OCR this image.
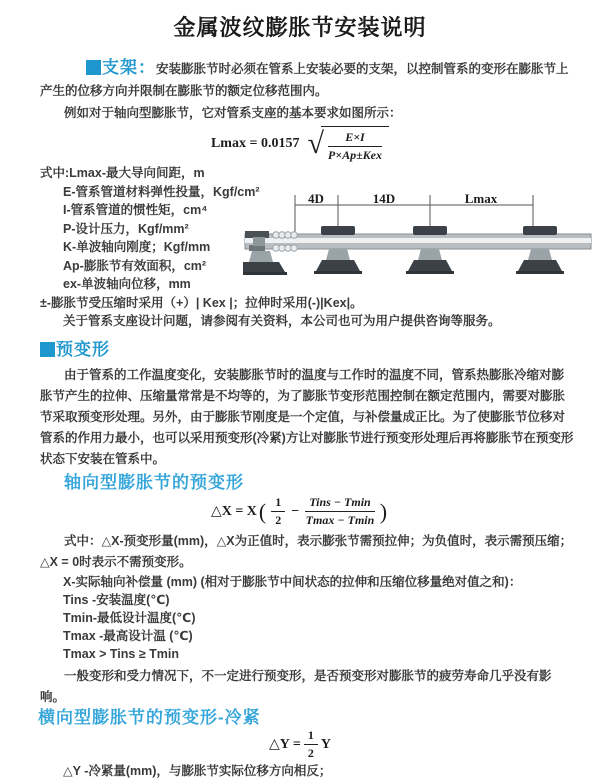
金属波纹膨胀节安装说明

支架：安装膨胀节时必须在管系上安装必要的支架，以控制管系的变形在膨胀节上产生的位移方向并限制在膨胀节的额定位移范围内。

例如对于轴向型膨胀节，它对管系支座的基本要求如图所示：

Lmax = 0.0157 √ $\frac{E\times I}{\text{P×Ap±Kex}}$
式中:Lmax-最大导向间距，m
E-管系管道材料弹性投量，Kgf/cm²
I-管系管道的惯性矩，cm⁴
P-设计压力，Kgf/mm²
K-单波轴向刚度；Kgf/mm
Ap-膨胀节有效面积，cm²
ex-单波轴向位移，mm
±-膨胀节受压缩时采用（+）| Kex |；拉伸时采用(-)|Kex|。
关于管系支座设计问题，请参阅有关资料，本公司也可为用户提供咨询等服务。
4D	14D	Lmax
预变形

由于管系的工作温度变化，安装膨胀节时的温度与工作时的温度不同，管系热膨胀冷缩对膨胀节产生的拉伸、压缩量常常是不均等的，为了膨胀节变形范围控制在额定范围内，需要对膨胀节采取预变形处理。另外，由于膨胀节刚度是一个定值，与补偿量成正比。为了使膨胀节位移对管系的作用力最小，也可以采用预变形(冷紧)方让对膨胀节进行预变形处理后再将膨胀节在预变形状态下安装在管系中。

轴向型膨胀节的预变形
△X = X ( $\frac{1}{2} - \frac{\text{Tins − Tmin}}{Tmax - Tmin}$ )

式中：△X-预变形量(mm)，△X为正值时，表示膨张节需预拉伸；为负值时，表示需预压缩；△X = 0时表示不需预变形。

X-实际轴向补偿量 (mm) (相对于膨胀节中间状态的拉伸和压缩位移量绝对值之和)：

Tins -安装温度(℃)
Tmin-最低设计温度(℃)
Tmax -最高设计温 (℃)
Tmax > Tins ≥ Tmin

一般变形和受力情况下，不一定进行预变形，是否预变形对膨胀节的疲劳寿命几乎没有影响。

横向型膨胀节的预变形-冷紧
△Y = $\frac{1}{2}$ Y

△Y -冷紧量(mm)，与膨胀节实际位移方向相反；
